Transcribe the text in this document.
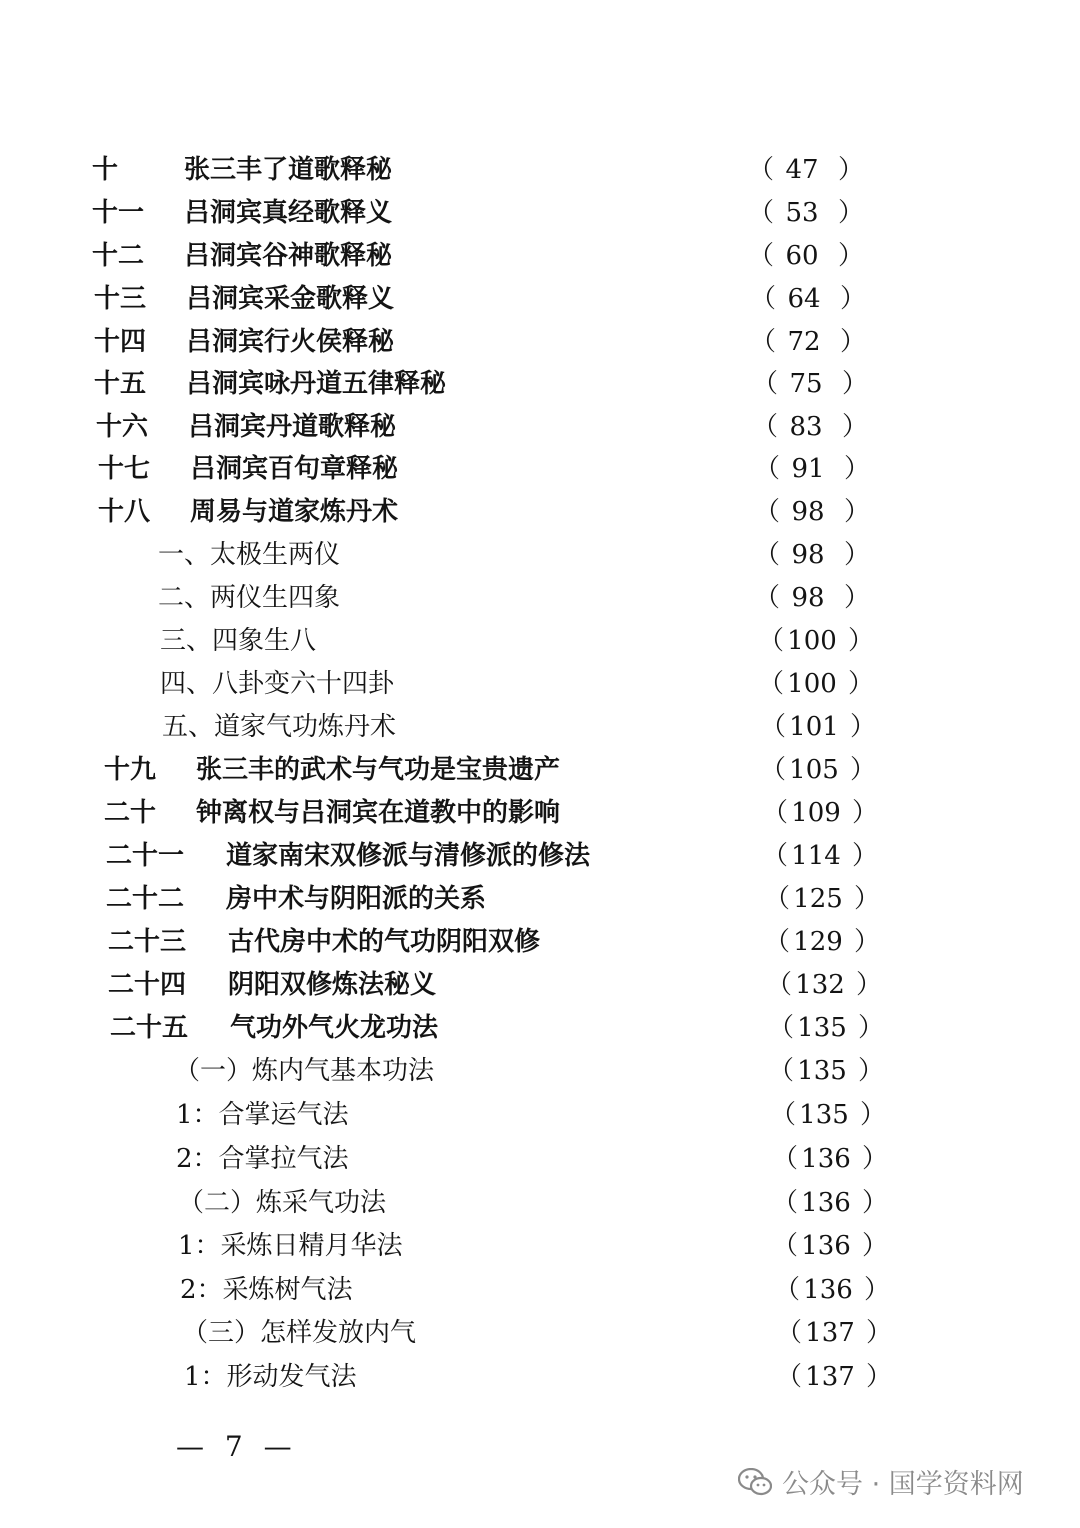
十	张三丰了道歌释秘	（ 47 ）
十一	吕洞宾真经歌释义	（ 53 ）
十二	吕洞宾谷神歌释秘	（ 60 ）
十三	吕洞宾采金歌释义	（ 64 ）
十四	吕洞宾行火侯释秘	（ 72 ）
十五	吕洞宾咏丹道五律释秘	（ 75 ）
十六	吕洞宾丹道歌释秘	（ 83 ）
十七	吕洞宾百句章释秘	（ 91 ）
十八	周易与道家炼丹术	（ 98 ）
一、太极生两仪	（ 98 ）
二、两仪生四象	（ 98 ）
三、四象生八	（ 100 ）
四、八卦变六十四卦	（ 100 ）
五、道家气功炼丹术	（ 101 ）
十九	张三丰的武术与气功是宝贵遗产	（ 105 ）
二十	钟离权与吕洞宾在道教中的影响	（ 109 ）
二十一	道家南宋双修派与清修派的修法	（ 114 ）
二十二	房中术与阴阳派的关系	（ 125 ）
二十三	古代房中术的气功阴阳双修	（ 129 ）
二十四	阴阳双修炼法秘义	（ 132 ）
二十五	气功外气火龙功法	（ 135 ）
（一）炼内气基本功法	（ 135 ）
1：合掌运气法	（ 135 ）
2：合掌拉气法	（ 136 ）
（二）炼采气功法	（ 136 ）
1：采炼日精月华法	（ 136 ）
2：采炼树气法	（ 136 ）
（三）怎样发放内气	（ 137 ）
1：形动发气法	（ 137 ）
— 7 —
公众号 · 国学资料网
